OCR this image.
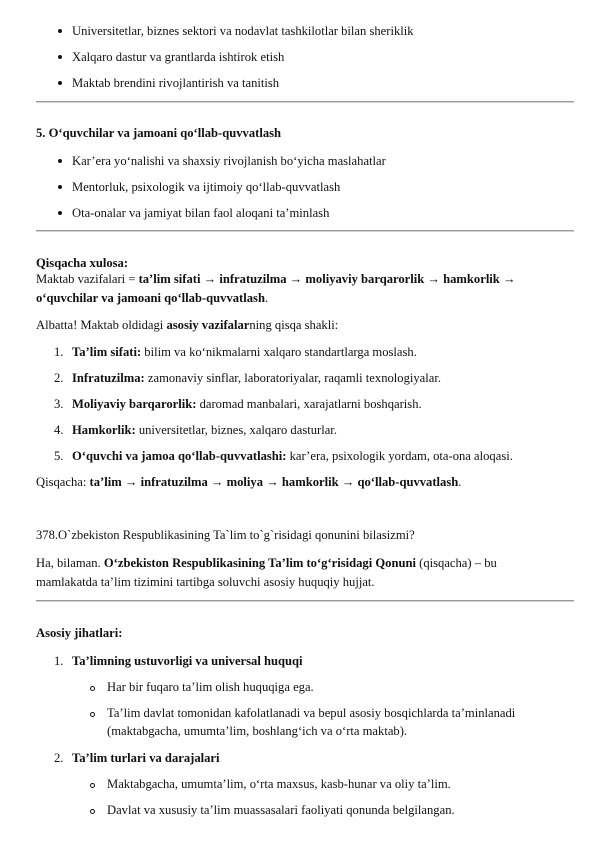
Universitetlar, biznes sektori va nodavlat tashkilotlar bilan sheriklik
Xalqaro dastur va grantlarda ishtirok etish
Maktab brendini rivojlantirish va tanitish
5. O‘quvchilar va jamoani qo‘llab-quvvatlash
Kar’era yo‘nalishi va shaxsiy rivojlanish bo‘yicha maslahatlar
Mentorluk, psixologik va ijtimoiy qo‘llab-quvvatlash
Ota-onalar va jamiyat bilan faol aloqani ta’minlash
Qisqacha xulosa:
Maktab vazifalari = ta’lim sifati → infratuzilma → moliyaviy barqarorlik → hamkorlik →
o‘quvchilar va jamoani qo‘llab-quvvatlash.
Albatta! Maktab oldidagi asosiy vazifalarning qisqa shakli:
1. Ta’lim sifati: bilim va ko‘nikmalarni xalqaro standartlarga moslash.
2. Infratuzilma: zamonaviy sinflar, laboratoriyalar, raqamli texnologiyalar.
3. Moliyaviy barqarorlik: daromad manbalari, xarajatlarni boshqarish.
4. Hamkorlik: universitetlar, biznes, xalqaro dasturlar.
5. O‘quvchi va jamoa qo‘llab-quvvatlashi: kar’era, psixologik yordam, ota-ona aloqasi.
Qisqacha: ta’lim → infratuzilma → moliya → hamkorlik → qo‘llab-quvvatlash.
378.O`zbekiston Respublikasining Ta`lim to`g`risidagi qonunini bilasizmi?
Ha, bilaman. O‘zbekiston Respublikasining Ta’lim to‘g‘risidagi Qonuni (qisqacha) – bu
mamlakatda ta’lim tizimini tartibga soluvchi asosiy huquqiy hujjat.
Asosiy jihatlari:
1. Ta’limning ustuvorligi va universal huquqi
Har bir fuqaro ta’lim olish huquqiga ega.
Ta’lim davlat tomonidan kafolatlanadi va bepul asosiy bosqichlarda ta’minlanadi
(maktabgacha, umumta’lim, boshlang‘ich va o‘rta maktab).
2. Ta’lim turlari va darajalari
Maktabgacha, umumta’lim, o‘rta maxsus, kasb-hunar va oliy ta’lim.
Davlat va xususiy ta’lim muassasalari faoliyati qonunda belgilangan.
